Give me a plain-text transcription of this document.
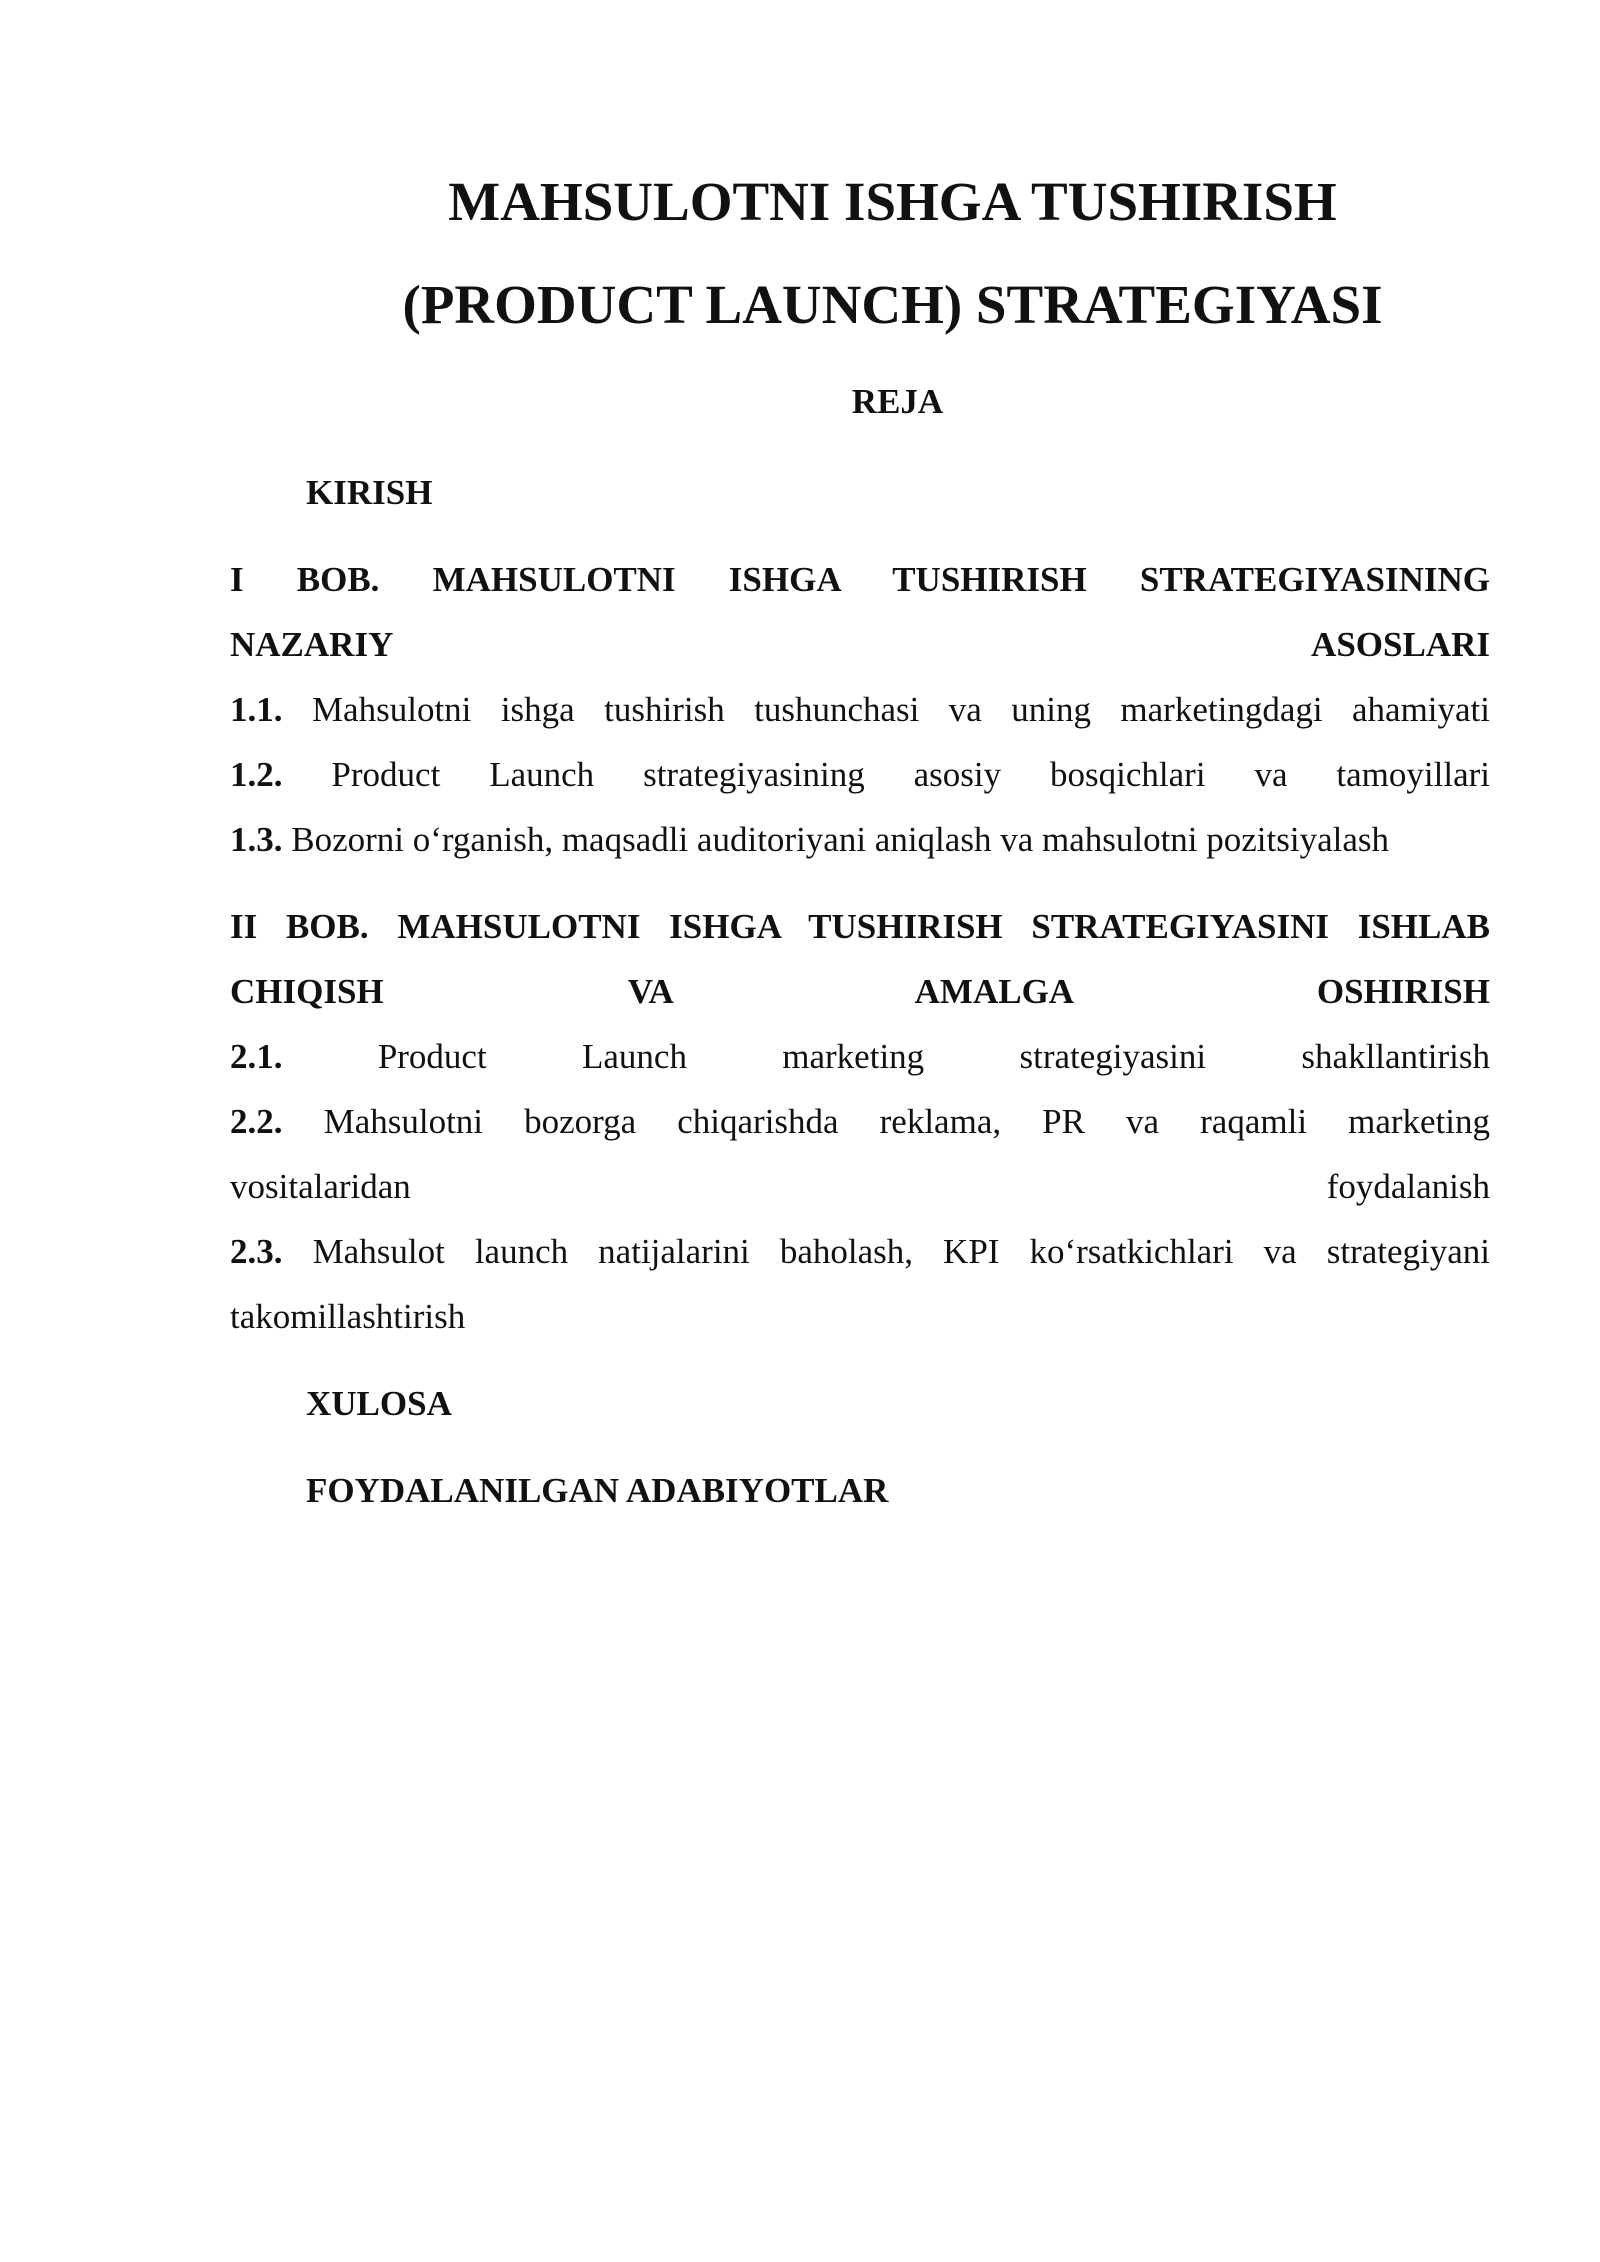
MAHSULOTNI ISHGA TUSHIRISH
(PRODUCT LAUNCH) STRATEGIYASI
REJA
KIRISH
I BOB. MAHSULOTNI ISHGA TUSHIRISH STRATEGIYASINING
NAZARIY ASOSLARI
1.1. Mahsulotni ishga tushirish tushunchasi va uning marketingdagi ahamiyati
1.2. Product Launch strategiyasining asosiy bosqichlari va tamoyillari
1.3. Bozorni o‘rganish, maqsadli auditoriyani aniqlash va mahsulotni pozitsiyalash
II BOB. MAHSULOTNI ISHGA TUSHIRISH STRATEGIYASINI ISHLAB
CHIQISH VA AMALGA OSHIRISH
2.1.	Product Launch marketing strategiyasini shakllantirish
2.2. Mahsulotni bozorga chiqarishda reklama, PR va raqamli marketing
vositalaridan foydalanish
2.3. Mahsulot launch natijalarini baholash, KPI ko‘rsatkichlari va strategiyani
takomillashtirish
XULOSA
FOYDALANILGAN ADABIYOTLAR
